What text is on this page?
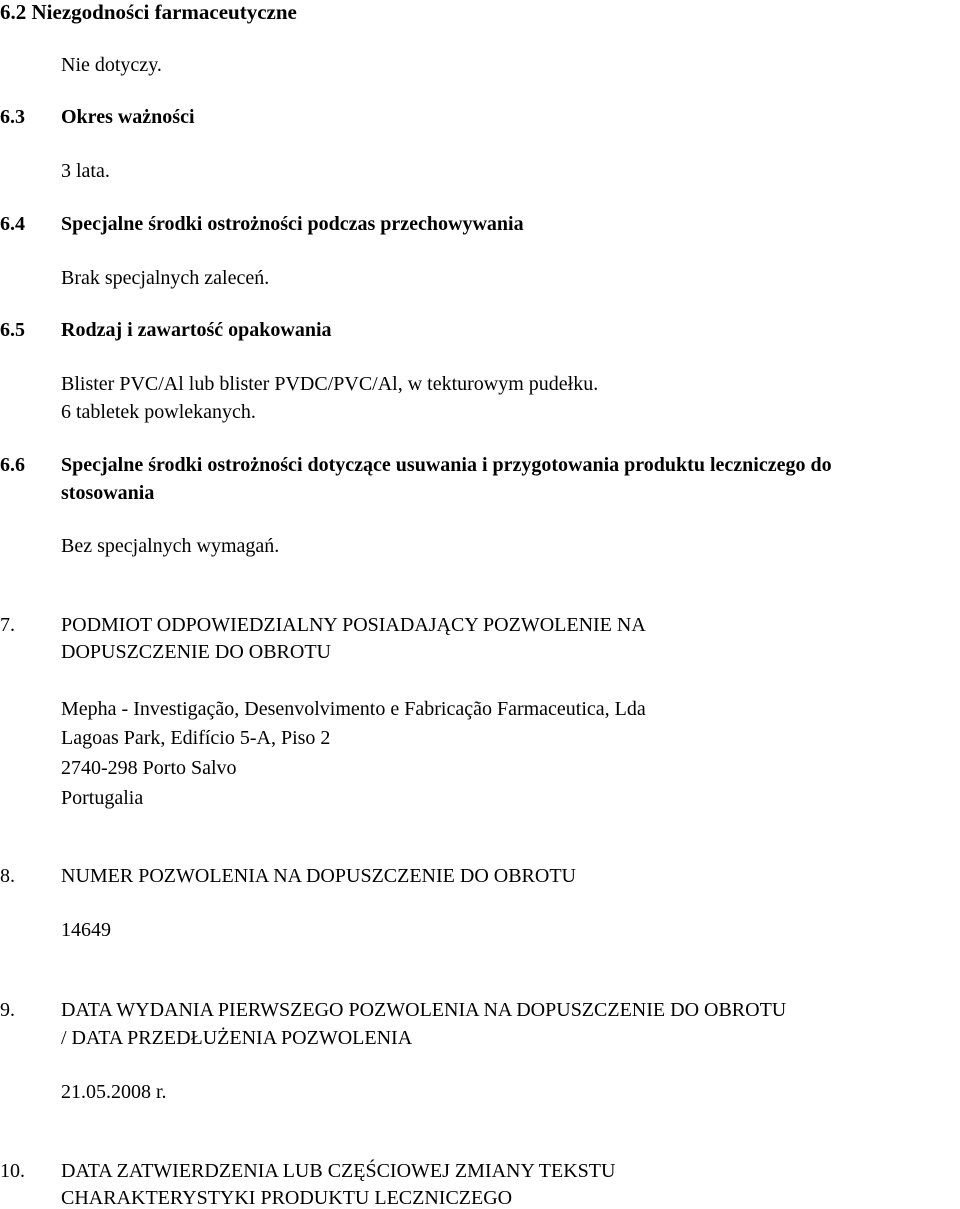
6.2 Niezgodności farmaceutyczne
Nie dotyczy.
6.3 Okres ważności
3 lata.
6.4 Specjalne środki ostrożności podczas przechowywania
Brak specjalnych zaleceń.
6.5 Rodzaj i zawartość opakowania
Blister PVC/Al lub blister PVDC/PVC/Al, w tekturowym pudełku.
6 tabletek powlekanych.
6.6 Specjalne środki ostrożności dotyczące usuwania i przygotowania produktu leczniczego do
stosowania
Bez specjalnych wymagań.
7. PODMIOT ODPOWIEDZIALNY POSIADAJĄCY POZWOLENIE NA
DOPUSZCZENIE DO OBROTU
Mepha - Investigação, Desenvolvimento e Fabricação Farmaceutica, Lda
Lagoas Park, Edifício 5-A, Piso 2
2740-298 Porto Salvo
Portugalia
8. NUMER POZWOLENIA NA DOPUSZCZENIE DO OBROTU
14649
9. DATA WYDANIA PIERWSZEGO POZWOLENIA NA DOPUSZCZENIE DO OBROTU
/ DATA PRZEDŁUŻENIA POZWOLENIA
21.05.2008 r.
10. DATA ZATWIERDZENIA LUB CZĘŚCIOWEJ ZMIANY TEKSTU
CHARAKTERYSTYKI PRODUKTU LECZNICZEGO
